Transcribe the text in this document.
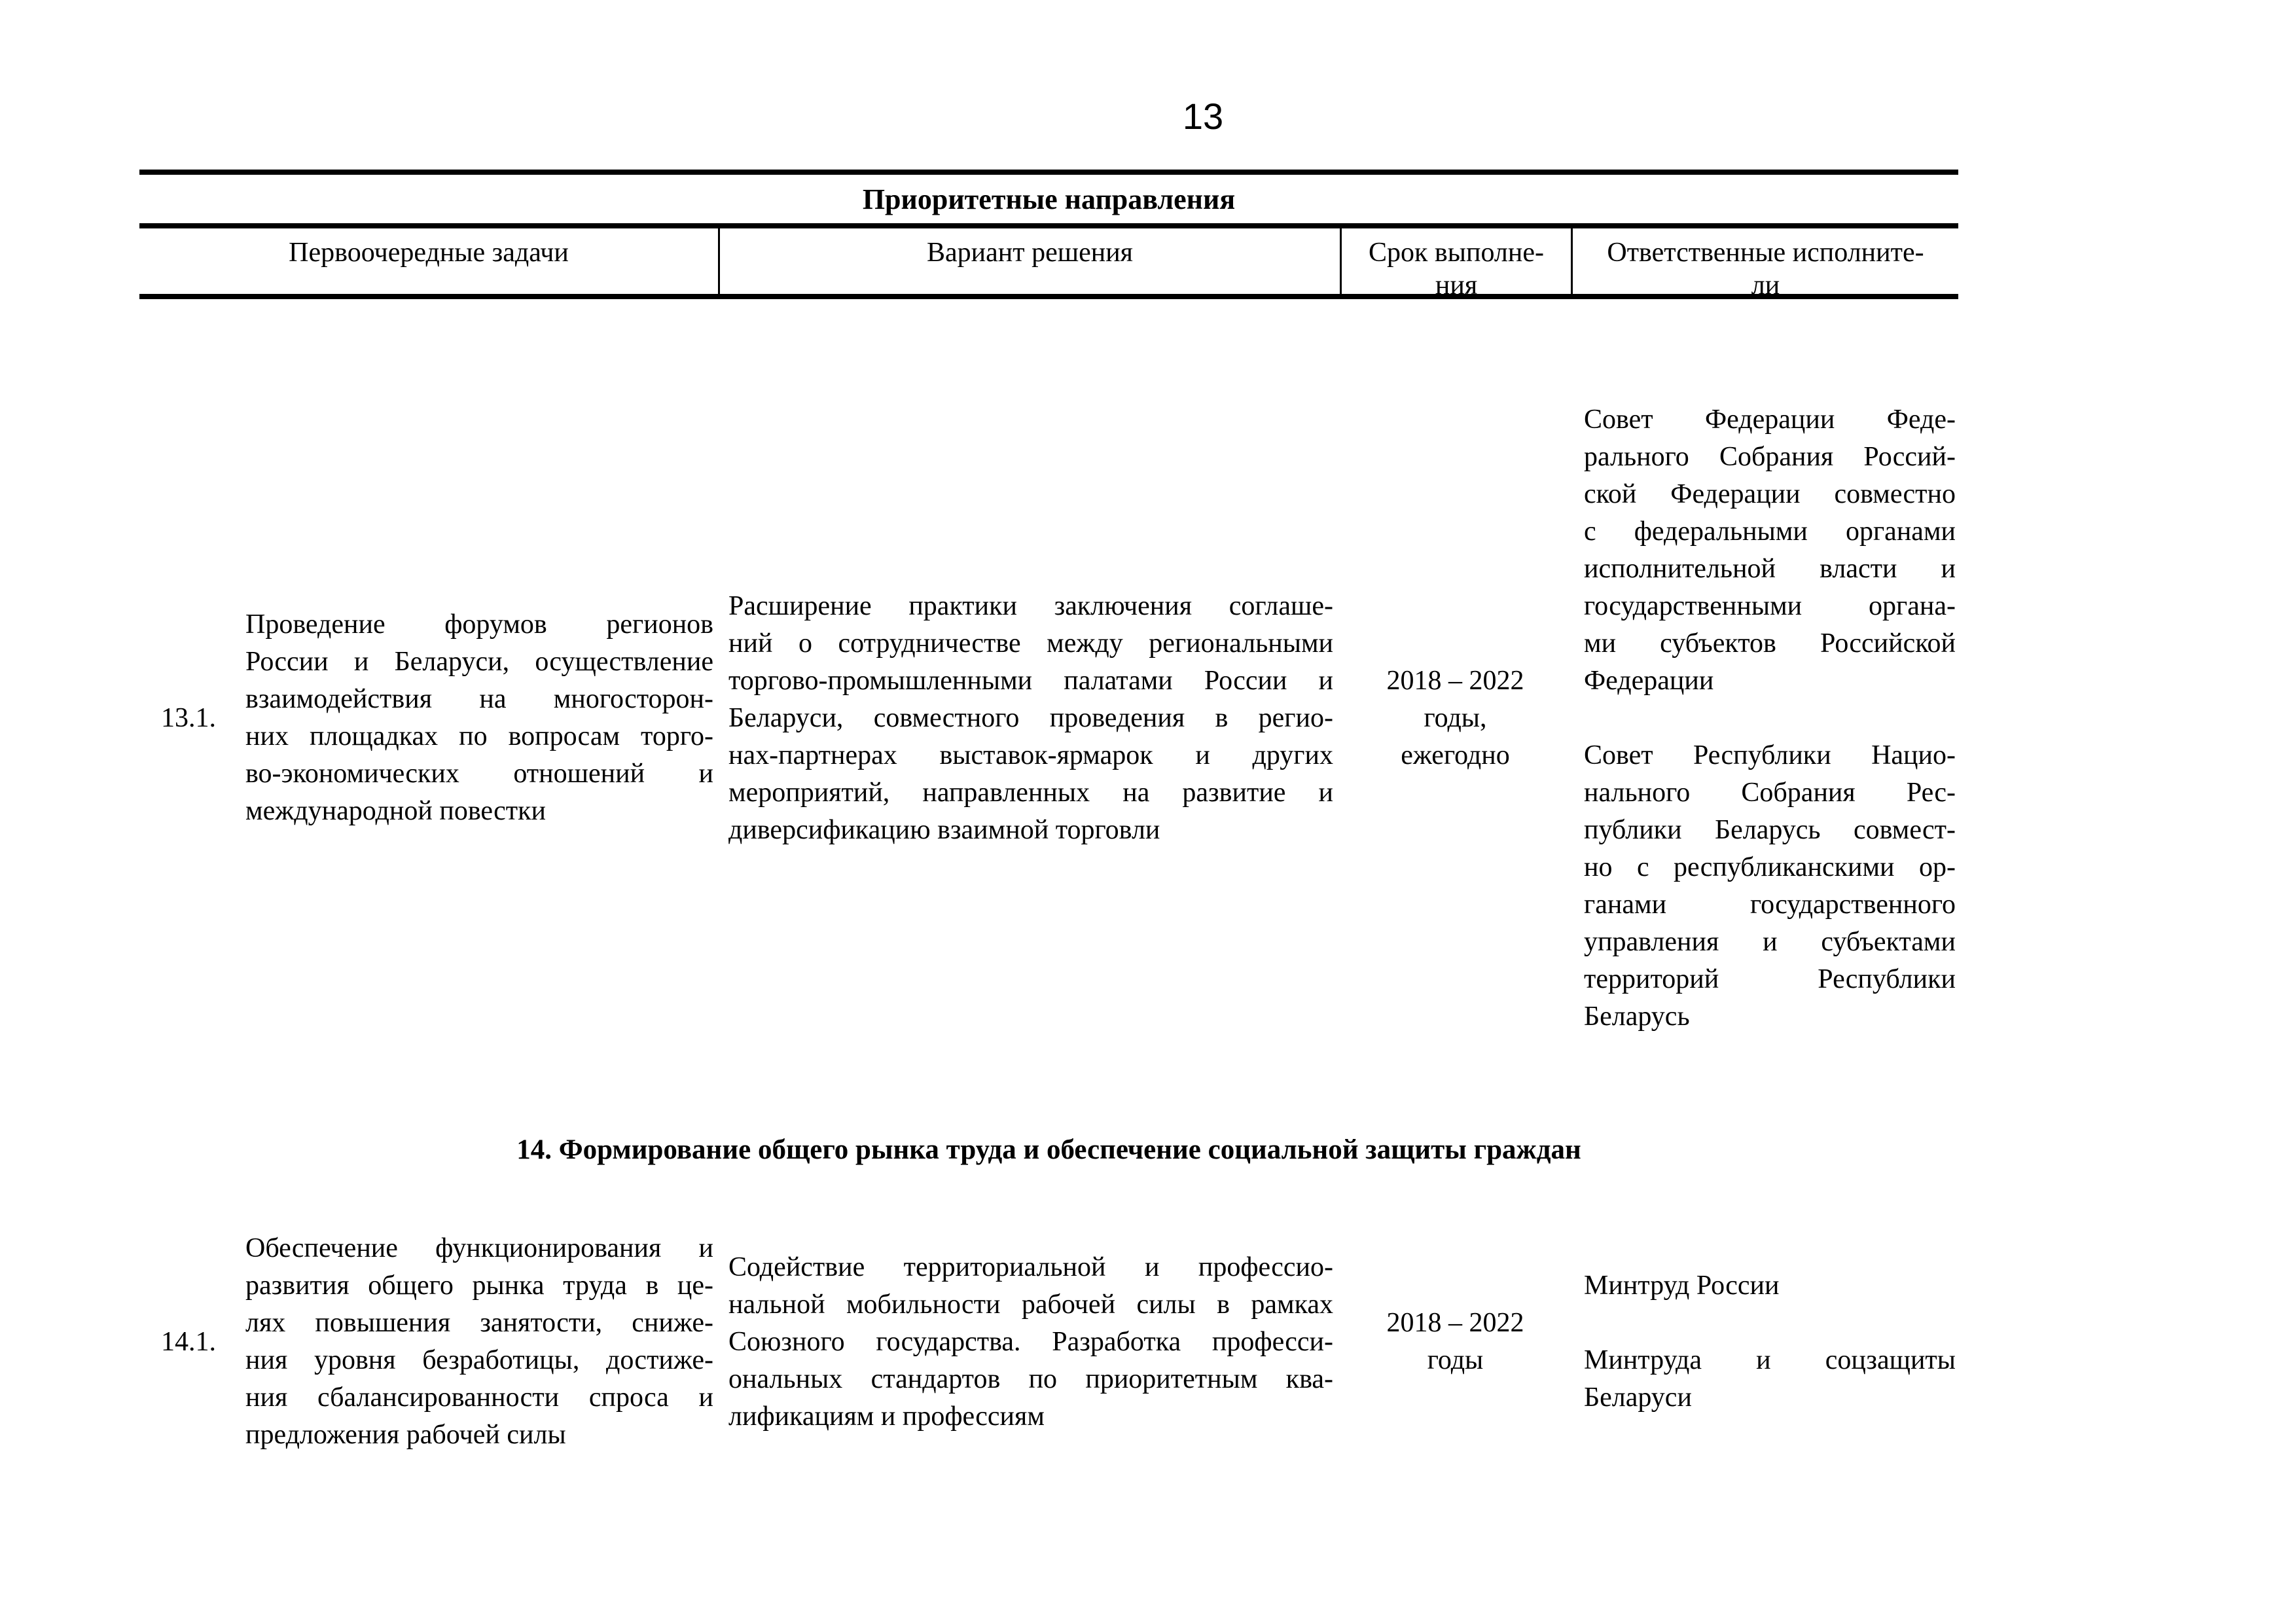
13
Приоритетные направления
Первоочередные задачи	Вариант решения	Срок выполне-
ния
Ответственные исполните-
ли
13.1.
Проведение форумов регионов
России и Беларуси, осуществление
взаимодействия на многосторон-
них площадках по вопросам торго-
во-экономических отношений и
международной повестки
Расширение практики заключения соглаше-
ний о сотрудничестве между региональными
торгово-промышленными палатами России и
Беларуси, совместного проведения в регио-
нах-партнерах выставок-ярмарок и других
мероприятий, направленных на развитие и
диверсификацию взаимной торговли
2018 – 2022
годы,
ежегодно
Совет Федерации Феде-
рального Собрания Россий-
ской Федерации совместно
с федеральными органами
исполнительной власти и
государственными органа-
ми субъектов Российской
Федерации
Совет Республики Нацио-
нального Собрания Рес-
публики Беларусь совмест-
но с республиканскими ор-
ганами государственного
управления и субъектами
территорий Республики
Беларусь
14. Формирование общего рынка труда и обеспечение социальной защиты граждан
14.1.
Обеспечение функционирования и
развития общего рынка труда в це-
лях повышения занятости, сниже-
ния уровня безработицы, достиже-
ния сбалансированности спроса и
предложения рабочей силы
Содействие территориальной и профессио-
нальной мобильности рабочей силы в рамках
Союзного государства. Разработка професси-
ональных стандартов по приоритетным ква-
лификациям и профессиям
2018 – 2022
годы
Минтруд России
Минтруда и соцзащиты
Беларуси
